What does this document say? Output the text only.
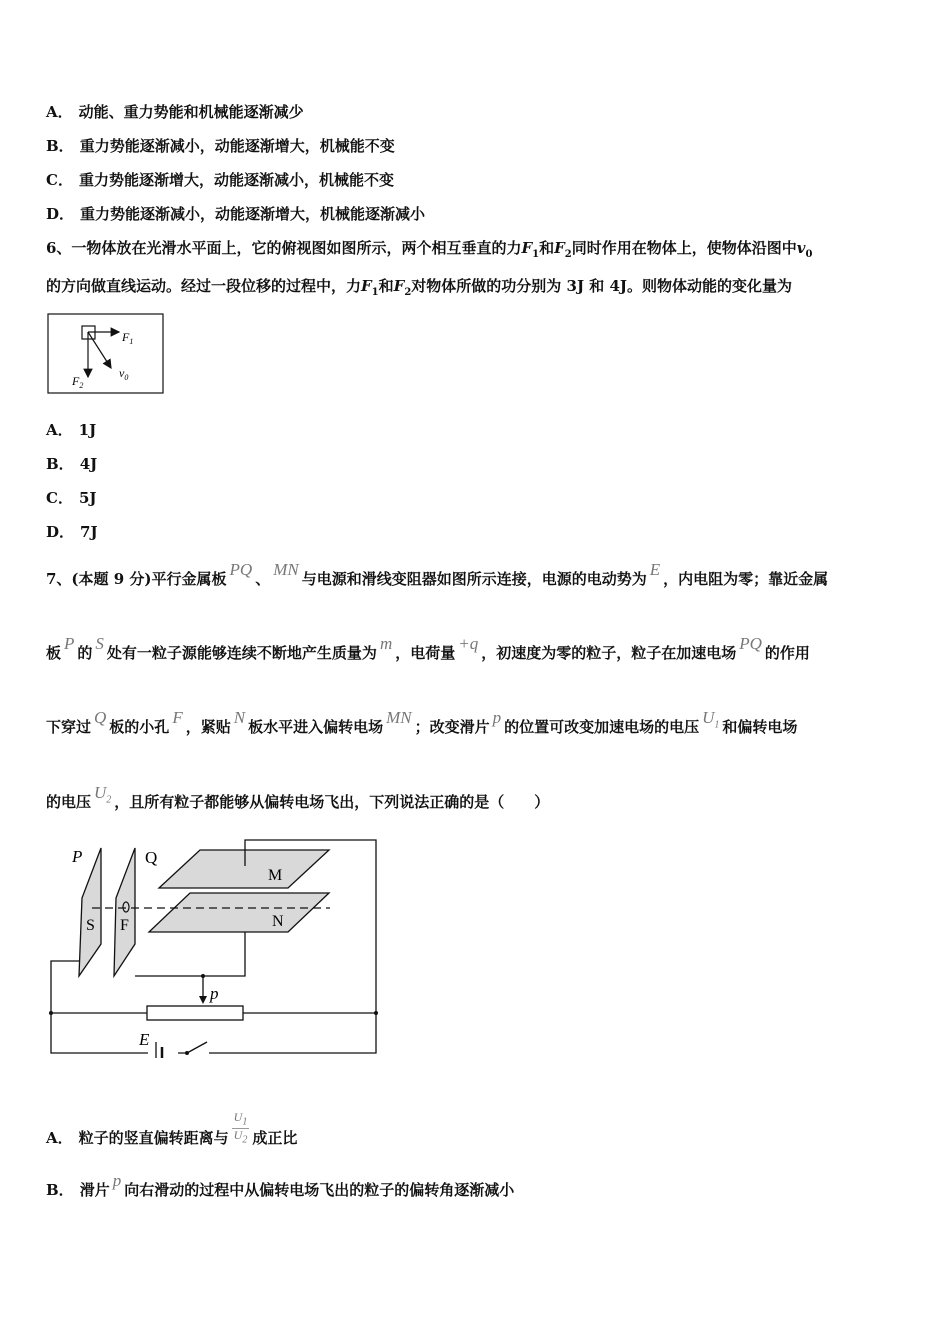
A． 动能、重力势能和机械能逐渐减少
B． 重力势能逐渐减小，动能逐渐增大，机械能不变
C． 重力势能逐渐增大，动能逐渐减小，机械能不变
D． 重力势能逐渐减小，动能逐渐增大，机械能逐渐减小
6、一物体放在光滑水平面上，它的俯视图如图所示，两个相互垂直的力$F_1$和$F_2$同时作用在物体上，使物体沿图中$v_0$
的方向做直线运动。经过一段位移的过程中，力$F_1$和$F_2$对物体所做的功分别为 3J 和 4J。则物体动能的变化量为
$F_1$
$F_2$
$v_0$
A． 1J
B． 4J
C． 5J
D． 7J
7、(本题 9 分)平行金属板 PQ 、 MN 与电源和滑线变阻器如图所示连接，电源的电动势为 E ，内电阻为零；靠近金属
板 P 的 S 处有一粒子源能够连续不断地产生质量为 m ，电荷量 +q ，初速度为零的粒子，粒子在加速电场 PQ 的作用
下穿过 Q 板的小孔 F ，紧贴 N 板水平进入偏转电场 MN ；改变滑片 p 的位置可改变加速电场的电压 $U_1$ 和偏转电场
的电压 $U_2$ ，且所有粒子都能够从偏转电场飞出，下列说法正确的是（　　）
P	Q
M
N
S F
p
E
A． 粒子的竖直偏转距离与 $\frac{U_1}{U_2}$ 成正比
B． 滑片 p 向右滑动的过程中从偏转电场飞出的粒子的偏转角逐渐减小
